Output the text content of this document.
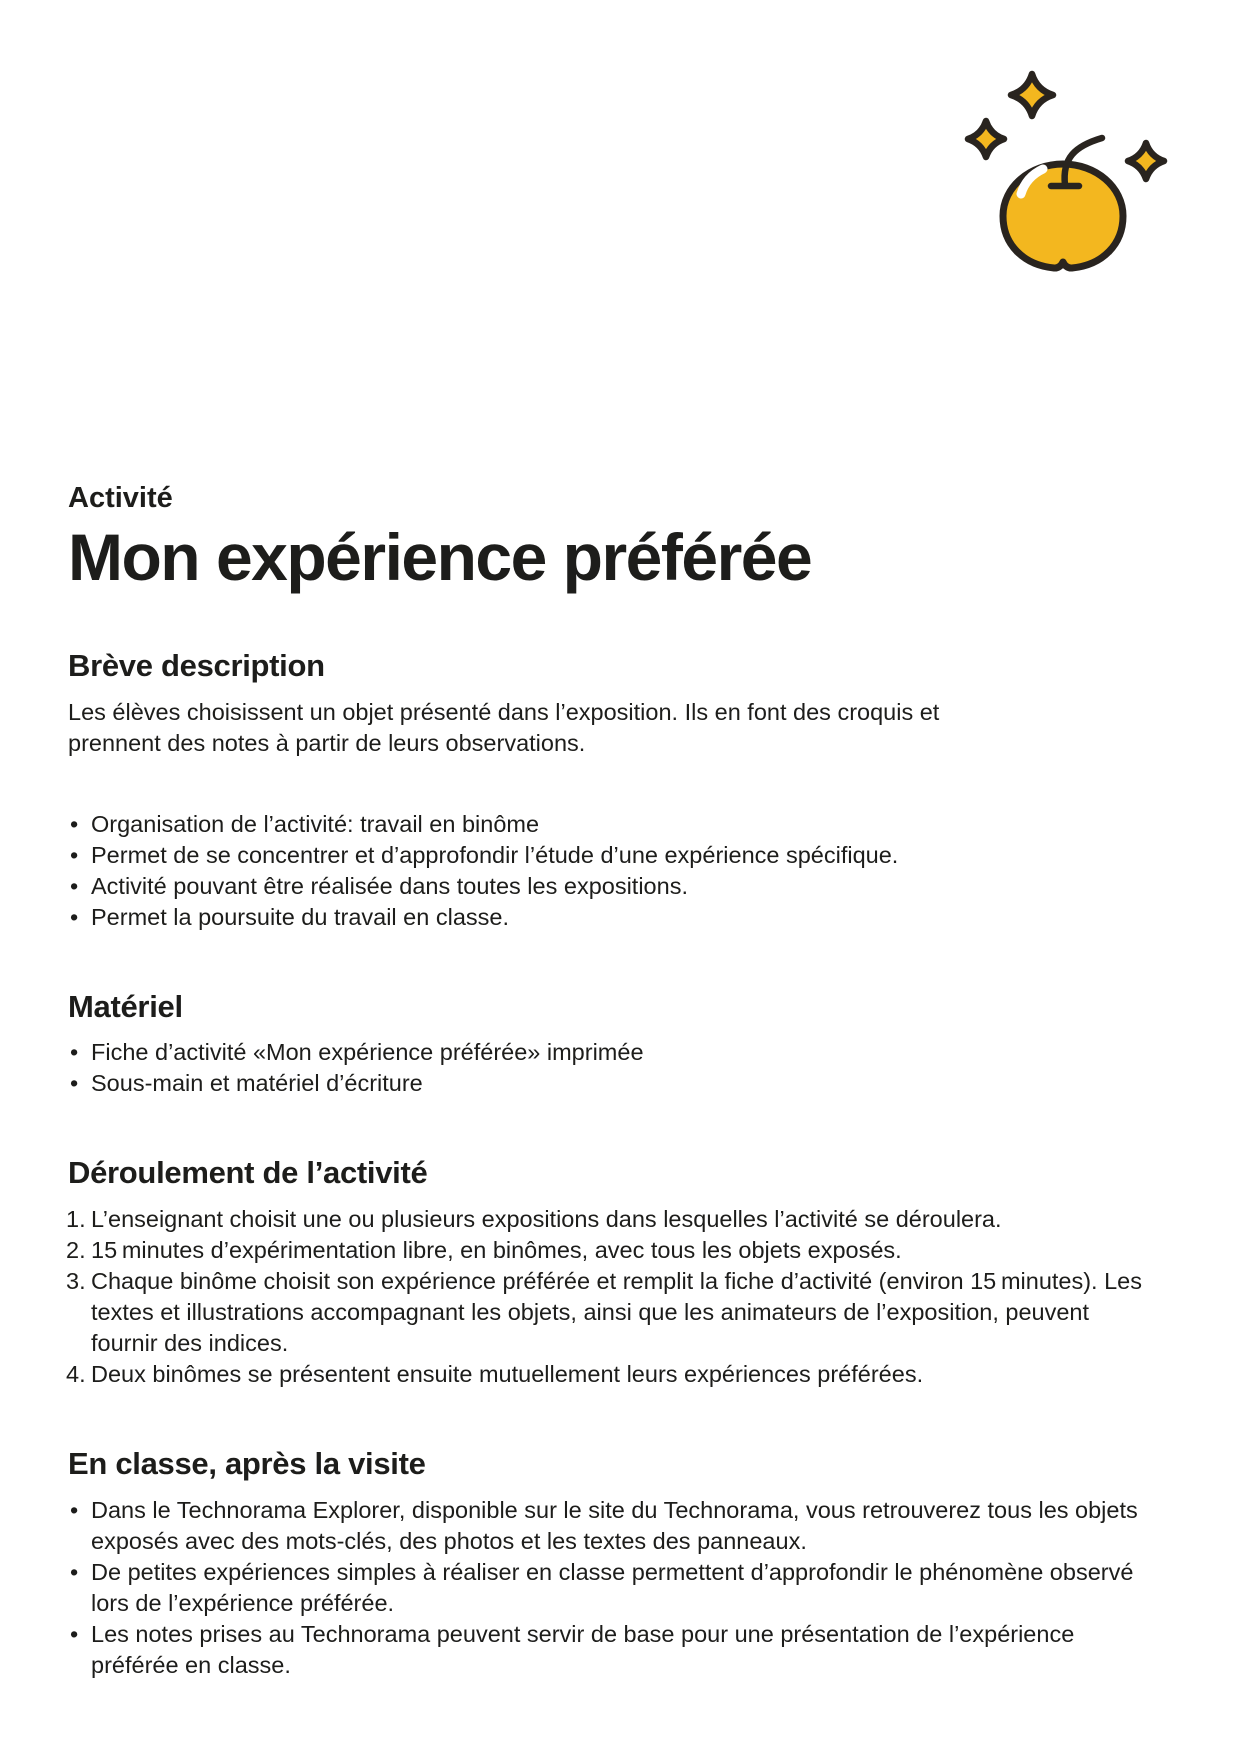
Activité
Mon expérience préférée
Brève description

Les élèves choisissent un objet présenté dans l’exposition. Ils en font des croquis et prennent des notes à partir de leurs observations.

• Organisation de l’activité: travail en binôme
• Permet de se concentrer et d’approfondir l’étude d’une expérience spécifique.
• Activité pouvant être réalisée dans toutes les expositions.
• Permet la poursuite du travail en classe.
Matériel
• Fiche d’activité «Mon expérience préférée» imprimée
• Sous-main et matériel d’écriture
Déroulement de l’activité
L’enseignant choisit une ou plusieurs expositions dans lesquelles l’activité se déroulera.
15 minutes d’expérimentation libre, en binômes, avec tous les objets exposés.
Chaque binôme choisit son expérience préférée et remplit la fiche d’activité (environ 15 minutes). Les textes et illustrations accompagnant les objets, ainsi que les animateurs de l’exposition, peuvent fournir des indices.
Deux binômes se présentent ensuite mutuellement leurs expériences préférées.
En classe, après la visite
• Dans le Technorama Explorer, disponible sur le site du Technorama, vous retrouverez tous les objets exposés avec des mots-clés, des photos et les textes des panneaux.
• De petites expériences simples à réaliser en classe permettent d’approfondir le phénomène observé lors de l’expérience préférée.
• Les notes prises au Technorama peuvent servir de base pour une présentation de l’expérience préférée en classe.
